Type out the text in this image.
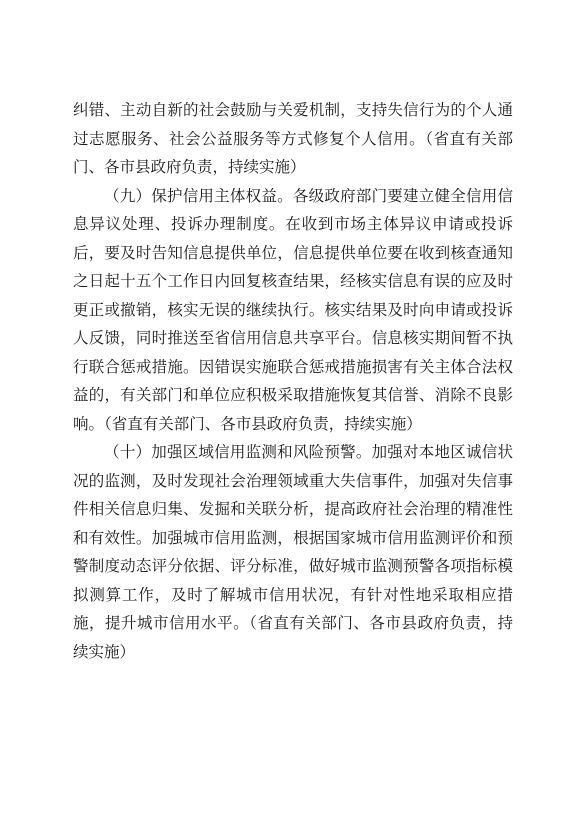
纠错、主动自新的社会鼓励与关爱机制，支持失信行为的个人通过志愿服务、社会公益服务等方式修复个人信用。（省直有关部门、各市县政府负责，持续实施）

（九）保护信用主体权益。各级政府部门要建立健全信用信息异议处理、投诉办理制度。在收到市场主体异议申请或投诉后，要及时告知信息提供单位，信息提供单位要在收到核查通知之日起十五个工作日内回复核查结果，经核实信息有误的应及时更正或撤销，核实无误的继续执行。核实结果及时向申请或投诉人反馈，同时推送至省信用信息共享平台。信息核实期间暂不执行联合惩戒措施。因错误实施联合惩戒措施损害有关主体合法权益的，有关部门和单位应积极采取措施恢复其信誉、消除不良影响。（省直有关部门、各市县政府负责，持续实施）

（十）加强区域信用监测和风险预警。加强对本地区诚信状况的监测，及时发现社会治理领域重大失信事件，加强对失信事件相关信息归集、发掘和关联分析，提高政府社会治理的精准性和有效性。加强城市信用监测，根据国家城市信用监测评价和预警制度动态评分依据、评分标准，做好城市监测预警各项指标模拟测算工作，及时了解城市信用状况，有针对性地采取相应措施，提升城市信用水平。（省直有关部门、各市县政府负责，持续实施）
